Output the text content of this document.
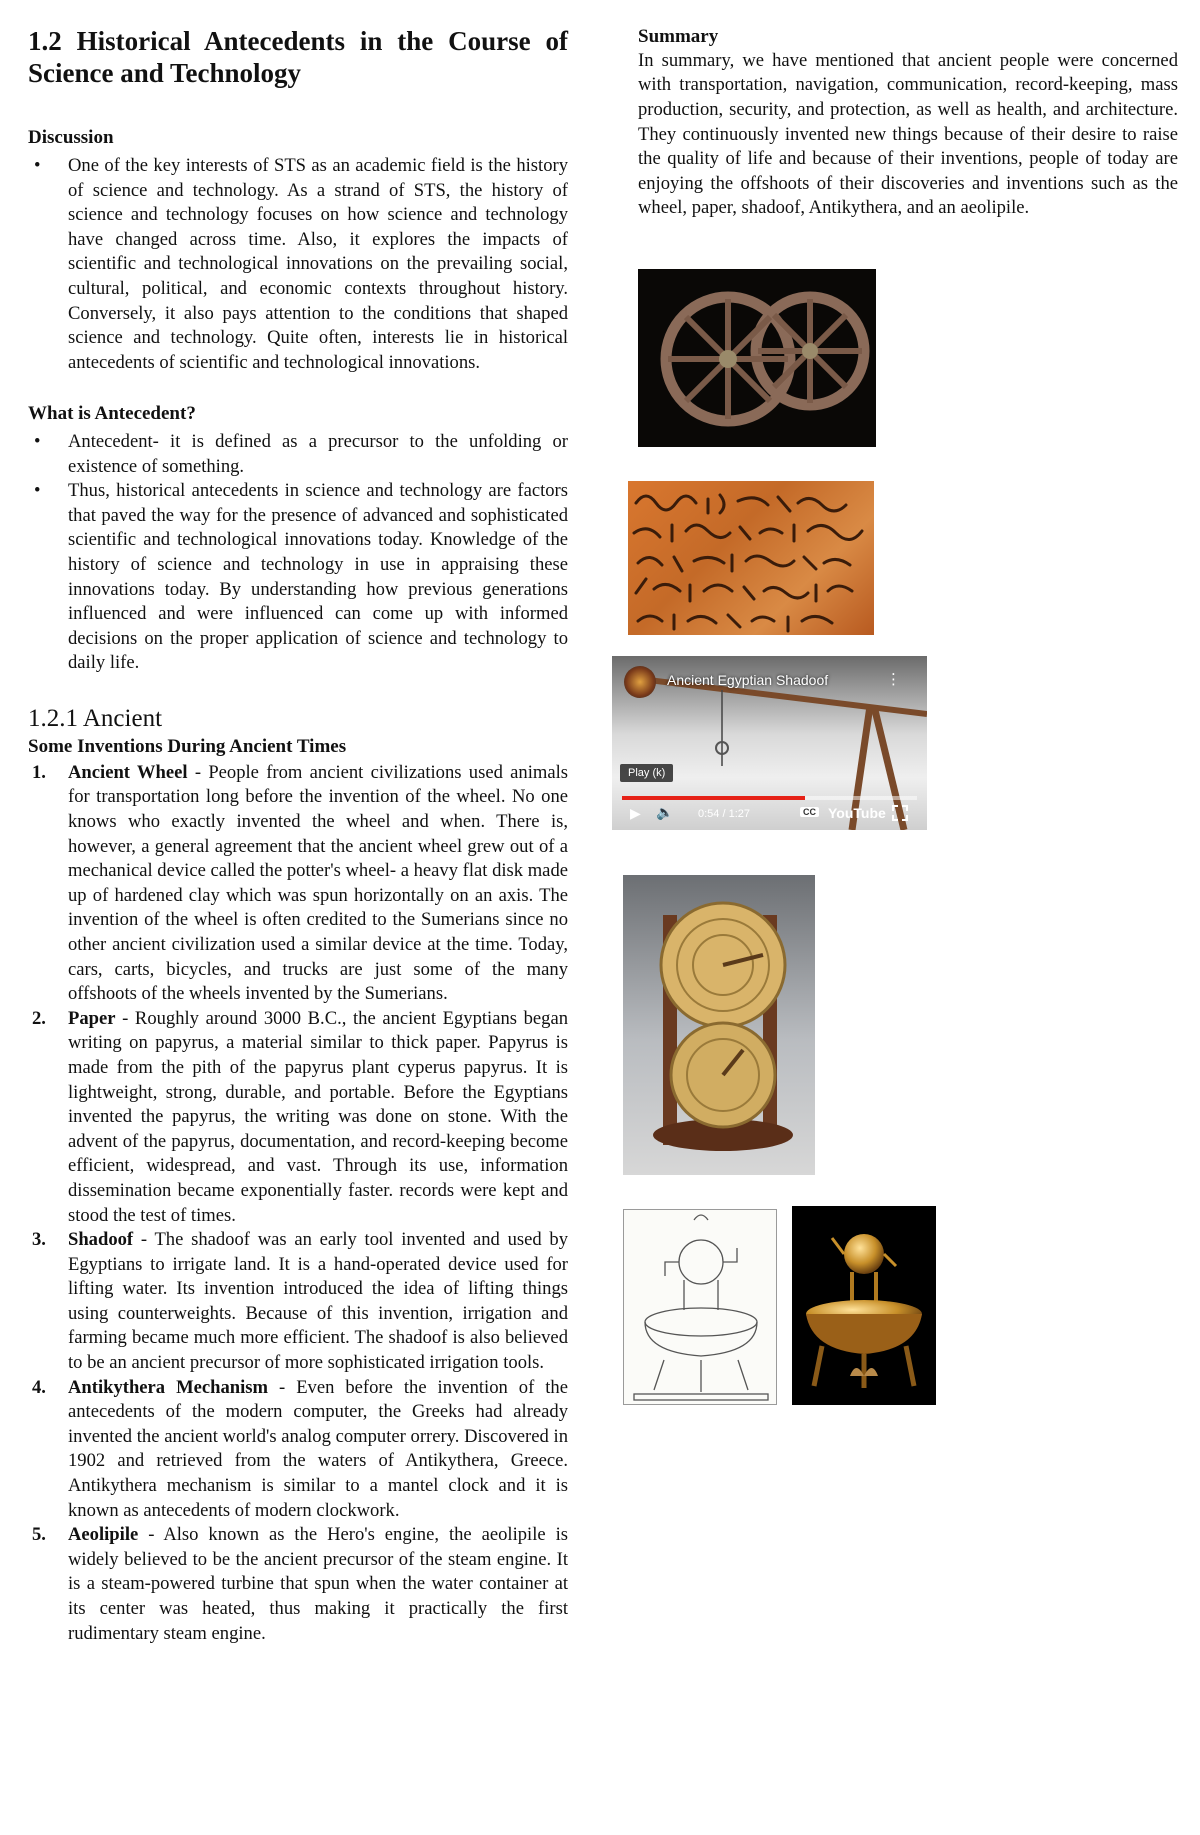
1.2 Historical Antecedents in the Course of Science and Technology
Discussion
• One of the key interests of STS as an academic field is the history of science and technology. As a strand of STS, the history of science and technology focuses on how science and technology have changed across time. Also, it explores the impacts of scientific and technological innovations on the prevailing social, cultural, political, and economic contexts throughout history. Conversely, it also pays attention to the conditions that shaped science and technology. Quite often, interests lie in historical antecedents of scientific and technological innovations.
What is Antecedent?
• Antecedent- it is defined as a precursor to the unfolding or existence of something.
• Thus, historical antecedents in science and technology are factors that paved the way for the presence of advanced and sophisticated scientific and technological innovations today. Knowledge of the history of science and technology in use in appraising these innovations today. By understanding how previous generations influenced and were influenced can come up with informed decisions on the proper application of science and technology to daily life.
1.2.1 Ancient
Some Inventions During Ancient Times
1. Ancient Wheel - People from ancient civilizations used animals for transportation long before the invention of the wheel. No one knows who exactly invented the wheel and when. There is, however, a general agreement that the ancient wheel grew out of a mechanical device called the potter's wheel- a heavy flat disk made up of hardened clay which was spun horizontally on an axis. The invention of the wheel is often credited to the Sumerians since no other ancient civilization used a similar device at the time. Today, cars, carts, bicycles, and trucks are just some of the many offshoots of the wheels invented by the Sumerians.
2. Paper - Roughly around 3000 B.C., the ancient Egyptians began writing on papyrus, a material similar to thick paper. Papyrus is made from the pith of the papyrus plant cyperus papyrus. It is lightweight, strong, durable, and portable. Before the Egyptians invented the papyrus, the writing was done on stone. With the advent of the papyrus, documentation, and record-keeping become efficient, widespread, and vast. Through its use, information dissemination became exponentially faster. records were kept and stood the test of times.
3. Shadoof - The shadoof was an early tool invented and used by Egyptians to irrigate land. It is a hand-operated device used for lifting water. Its invention introduced the idea of lifting things using counterweights. Because of this invention, irrigation and farming became much more efficient. The shadoof is also believed to be an ancient precursor of more sophisticated irrigation tools.
4. Antikythera Mechanism - Even before the invention of the antecedents of the modern computer, the Greeks had already invented the ancient world's analog computer orrery. Discovered in 1902 and retrieved from the waters of Antikythera, Greece. Antikythera mechanism is similar to a mantel clock and it is known as antecedents of modern clockwork.
5. Aeolipile - Also known as the Hero's engine, the aeolipile is widely believed to be the ancient precursor of the steam engine. It is a steam-powered turbine that spun when the water container at its center was heated, thus making it practically the first rudimentary steam engine.
Summary

In summary, we have mentioned that ancient people were concerned with transportation, navigation, communication, record-keeping, mass production, security, and protection, as well as health, and architecture. They continuously invented new things because of their desire to raise the quality of life and because of their inventions, people of today are enjoying the offshoots of their discoveries and inventions such as the wheel, paper, shadoof, Antikythera, and an aeolipile.

Ancient Egyptian Shadoof	⋮
Play (k)
▶ 🔈 0:54 / 1:27	CC YouTube
